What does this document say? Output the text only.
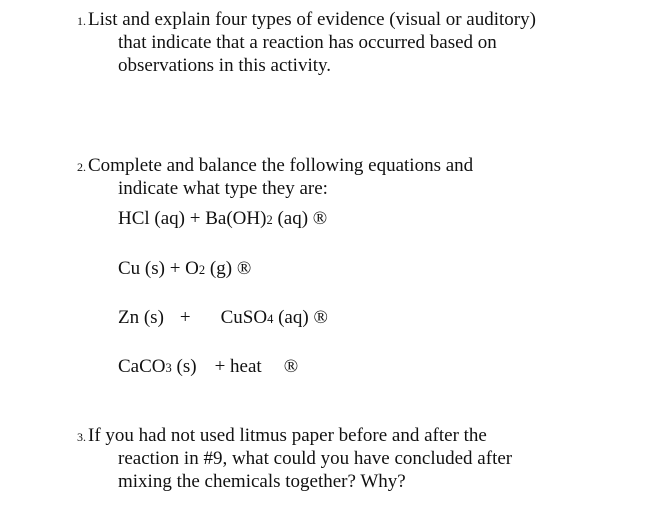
1. List and explain four types of evidence (visual or auditory)
that indicate that a reaction has occurred based on
observations in this activity.
2. Complete and balance the following equations and
indicate what type they are:
HCl (aq) + Ba(OH)2 (aq) ®
Cu (s) + O2 (g) ®
Zn (s) + CuSO4 (aq) ®
CaCO3 (s) + heat ®
3. If you had not used litmus paper before and after the
reaction in #9, what could you have concluded after
mixing the chemicals together? Why?
